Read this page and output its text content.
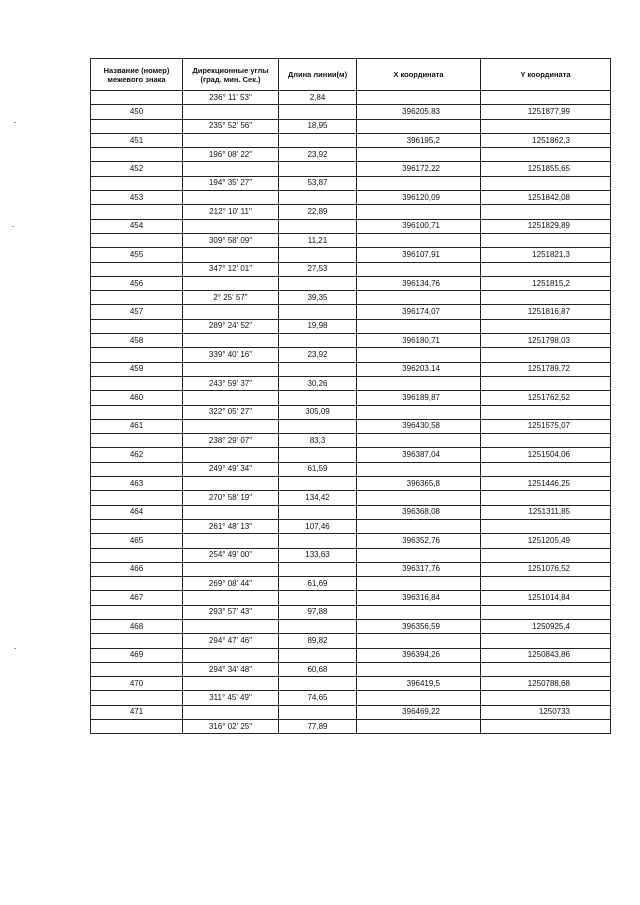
Название (номер) межевого знака	Дирекционные углы (град. мин. Сек.)	Длина линии(м)	X координата	Y координата
	236° 11' 53"	2,84		
450			396205,83	1251877,99
	235° 52' 56"	18,95		
451			396195,2	1251862,3
	196° 08' 22"	23,92		
452			396172,22	1251855,65
	194° 35' 27"	53,87		
453			396120,09	1251842,08
	212° 10' 11"	22,89		
454			396100,71	1251829,89
	309° 58' 09"	11,21		
455			396107,91	1251821,3
	347° 12' 01"	27,53		
456			396134,76	1251815,2
	2° 25' 57"	39,35		
457			396174,07	1251816,87
	289° 24' 52"	19,98		
458			396180,71	1251798,03
	339° 40' 16"	23,92		
459			396203,14	1251789,72
	243° 59' 37"	30,26		
460			396189,87	1251762,52
	322° 05' 27"	305,09		
461			396430,58	1251575,07
	238° 29' 07"	83,3		
462			396387,04	1251504,06
	249° 49' 34"	61,59		
463			396365,8	1251446,25
	270° 58' 19"	134,42		
464			396368,08	1251311,85
	261° 48' 13"	107,46		
465			396352,76	1251205,49
	254° 49' 00"	133,63		
466			396317,76	1251076,52
	269° 08' 44"	61,69		
467			396316,84	1251014,84
	293° 57' 43"	97,88		
468			396356,59	1250925,4
	294° 47' 46"	89,82		
469			396394,26	1250843,86
	294° 34' 48"	60,68		
470			396419,5	1250788,68
	311° 45' 49"	74,65		
471			396469,22	1250733
	316° 02' 25"	77,89		
